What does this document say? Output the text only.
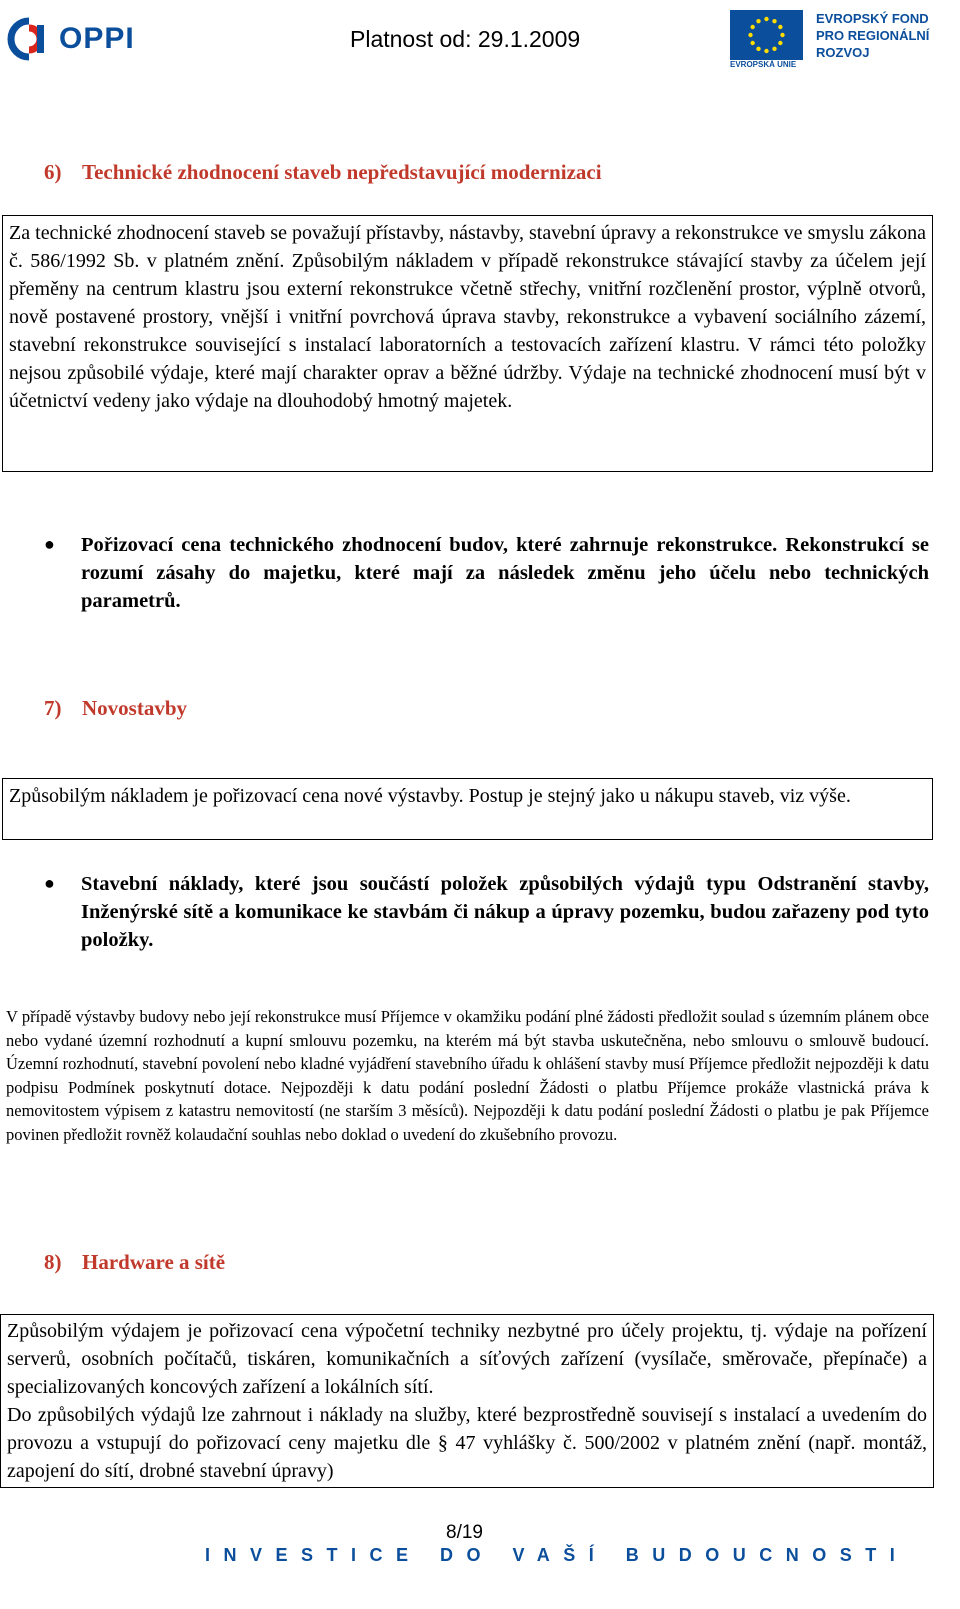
OPPI	Platnost od: 29.1.2009
EVROPSKÁ UNIE
EVROPSKÝ FOND
PRO REGIONÁLNÍ
ROZVOJ
6) Technické zhodnocení staveb nepředstavující modernizaci

Za technické zhodnocení staveb se považují přístavby, nástavby, stavební úpravy a rekonstrukce ve smyslu zákona č. 586/1992 Sb. v platném znění. Způsobilým nákladem v případě rekonstrukce stávající stavby za účelem její přeměny na centrum klastru jsou externí rekonstrukce včetně střechy, vnitřní rozčlenění prostor, výplně otvorů, nově postavené prostory, vnější i vnitřní povrchová úprava stavby, rekonstrukce a vybavení sociálního zázemí, stavební rekonstrukce související s instalací laboratorních a testovacích zařízení klastru. V rámci této položky nejsou způsobilé výdaje, které mají charakter oprav a běžné údržby. Výdaje na technické zhodnocení musí být v účetnictví vedeny jako výdaje na dlouhodobý hmotný majetek.

● Pořizovací cena technického zhodnocení budov, které zahrnuje rekonstrukce. Rekonstrukcí se rozumí zásahy do majetku, které mají za následek změnu jeho účelu nebo technických parametrů.
7) Novostavby

Způsobilým nákladem je pořizovací cena nové výstavby. Postup je stejný jako u nákupu staveb, viz výše.

● Stavební náklady, které jsou součástí položek způsobilých výdajů typu Odstranění stavby, Inženýrské sítě a komunikace ke stavbám či nákup a úpravy pozemku, budou zařazeny pod tyto položky.
V případě výstavby budovy nebo její rekonstrukce musí Příjemce v okamžiku podání plné žádosti předložit soulad s územním plánem obce nebo vydané územní rozhodnutí a kupní smlouvu pozemku, na kterém má být stavba uskutečněna, nebo smlouvu o smlouvě budoucí. Územní rozhodnutí, stavební povolení nebo kladné vyjádření stavebního úřadu k ohlášení stavby musí Příjemce předložit nejpozději k datu podpisu Podmínek poskytnutí dotace. Nejpozději k datu podání poslední Žádosti o platbu Příjemce prokáže vlastnická práva k nemovitostem výpisem z katastru nemovitostí (ne starším 3 měsíců). Nejpozději k datu podání poslední Žádosti o platbu je pak Příjemce povinen předložit rovněž kolaudační souhlas nebo doklad o uvedení do zkušebního provozu.
8) Hardware a sítě

Způsobilým výdajem je pořizovací cena výpočetní techniky nezbytné pro účely projektu, tj. výdaje na pořízení serverů, osobních počítačů, tiskáren, komunikačních a síťových zařízení (vysílače, směrovače, přepínače) a specializovaných koncových zařízení a lokálních sítí.

Do způsobilých výdajů lze zahrnout i náklady na služby, které bezprostředně souvisejí s instalací a uvedením do provozu a vstupují do pořizovací ceny majetku dle § 47 vyhlášky č. 500/2002 v platném znění (např. montáž, zapojení do sítí, drobné stavební úpravy)

8/19
INVESTICE DO VAŠÍ BUDOUCNOSTI
